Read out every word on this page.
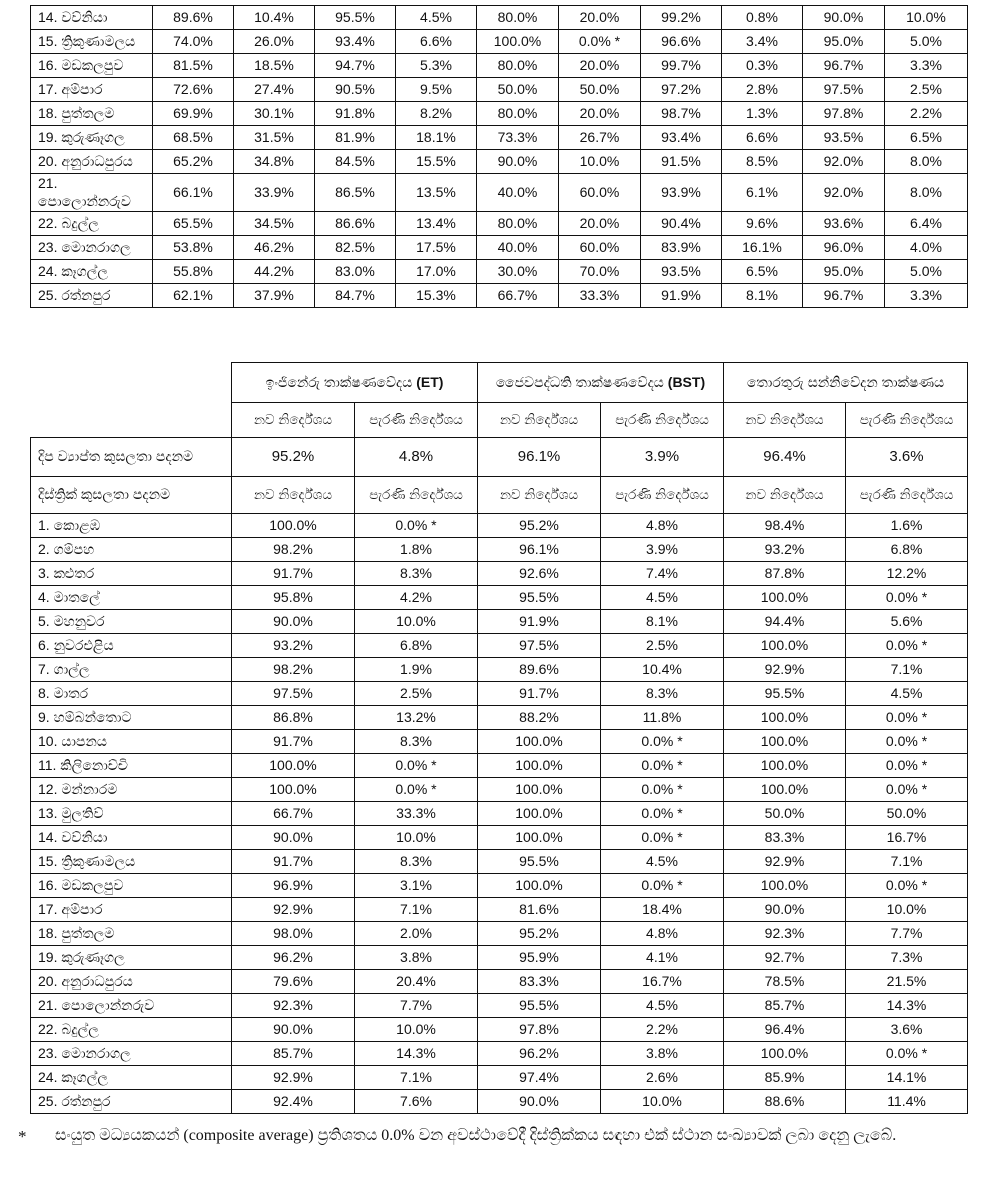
14. වව්නියා	89.6%	10.4%	95.5%	4.5%	80.0%	20.0%	99.2%	0.8%	90.0%	10.0%
15. ත්‍රිකුණාමලය	74.0%	26.0%	93.4%	6.6%	100.0%	0.0% *	96.6%	3.4%	95.0%	5.0%
16. මඩකලපුව	81.5%	18.5%	94.7%	5.3%	80.0%	20.0%	99.7%	0.3%	96.7%	3.3%
17. අම්පාර	72.6%	27.4%	90.5%	9.5%	50.0%	50.0%	97.2%	2.8%	97.5%	2.5%
18. පුත්තලම	69.9%	30.1%	91.8%	8.2%	80.0%	20.0%	98.7%	1.3%	97.8%	2.2%
19. කුරුණෑගල	68.5%	31.5%	81.9%	18.1%	73.3%	26.7%	93.4%	6.6%	93.5%	6.5%
20. අනුරාධපුරය	65.2%	34.8%	84.5%	15.5%	90.0%	10.0%	91.5%	8.5%	92.0%	8.0%
21. පොලොන්නරුව	66.1%	33.9%	86.5%	13.5%	40.0%	60.0%	93.9%	6.1%	92.0%	8.0%
22. බදුල්ල	65.5%	34.5%	86.6%	13.4%	80.0%	20.0%	90.4%	9.6%	93.6%	6.4%
23. මොනරාගල	53.8%	46.2%	82.5%	17.5%	40.0%	60.0%	83.9%	16.1%	96.0%	4.0%
24. කෑගල්ල	55.8%	44.2%	83.0%	17.0%	30.0%	70.0%	93.5%	6.5%	95.0%	5.0%
25. රත්නපුර	62.1%	37.9%	84.7%	15.3%	66.7%	33.3%	91.9%	8.1%	96.7%	3.3%
	ඉංජිනේරු තාක්ෂණවේදය (ET)		ජෛවපද්ධති තාක්ෂණවේදය (BST)		තොරතුරු සන්නිවේදන තාක්ෂණය	
	නව නිර්දේශය	පැරණි නිර්දේශය	නව නිර්දේශය	පැරණි නිර්දේශය	නව නිර්දේශය	පැරණි නිර්දේශය
දිප ව්‍යාප්ත කුසලතා පදනම	95.2%	4.8%	96.1%	3.9%	96.4%	3.6%
දිස්ත්‍රික් කුසලතා පදනම	නව නිර්දේශය	පැරණි නිර්දේශය	නව නිර්දේශය	පැරණි නිර්දේශය	නව නිර්දේශය	පැරණි නිර්දේශය
1. කොළඹ	100.0%	0.0% *	95.2%	4.8%	98.4%	1.6%
2. ගම්පහ	98.2%	1.8%	96.1%	3.9%	93.2%	6.8%
3. කළුතර	91.7%	8.3%	92.6%	7.4%	87.8%	12.2%
4. මාතලේ	95.8%	4.2%	95.5%	4.5%	100.0%	0.0% *
5. මහනුවර	90.0%	10.0%	91.9%	8.1%	94.4%	5.6%
6. නුවරඑළිය	93.2%	6.8%	97.5%	2.5%	100.0%	0.0% *
7. ගාල්ල	98.2%	1.9%	89.6%	10.4%	92.9%	7.1%
8. මාතර	97.5%	2.5%	91.7%	8.3%	95.5%	4.5%
9. හම්බන්තොට	86.8%	13.2%	88.2%	11.8%	100.0%	0.0% *
10. යාපනය	91.7%	8.3%	100.0%	0.0% *	100.0%	0.0% *
11. කිලිනොච්චි	100.0%	0.0% *	100.0%	0.0% *	100.0%	0.0% *
12. මන්නාරම	100.0%	0.0% *	100.0%	0.0% *	100.0%	0.0% *
13. මුලතිව්	66.7%	33.3%	100.0%	0.0% *	50.0%	50.0%
14. වව්නියා	90.0%	10.0%	100.0%	0.0% *	83.3%	16.7%
15. ත්‍රිකුණාමලය	91.7%	8.3%	95.5%	4.5%	92.9%	7.1%
16. මඩකලපුව	96.9%	3.1%	100.0%	0.0% *	100.0%	0.0% *
17. අම්පාර	92.9%	7.1%	81.6%	18.4%	90.0%	10.0%
18. පුත්තලම	98.0%	2.0%	95.2%	4.8%	92.3%	7.7%
19. කුරුණෑගල	96.2%	3.8%	95.9%	4.1%	92.7%	7.3%
20. අනුරාධපුරය	79.6%	20.4%	83.3%	16.7%	78.5%	21.5%
21. පොලොන්නරුව	92.3%	7.7%	95.5%	4.5%	85.7%	14.3%
22. බදුල්ල	90.0%	10.0%	97.8%	2.2%	96.4%	3.6%
23. මොනරාගල	85.7%	14.3%	96.2%	3.8%	100.0%	0.0% *
24. කෑගල්ල	92.9%	7.1%	97.4%	2.6%	85.9%	14.1%
25. රත්නපුර	92.4%	7.6%	90.0%	10.0%	88.6%	11.4%
*	සංයුත මධ්‍යයකයන් (composite average) ප්‍රතිශතය 0.0% වන අවස්ථාවේදී දිස්ත්‍රික්කය සඳහා එක් ස්ථාන සංඛ්‍යාවක් ලබා දෙනු ලැබේ.
